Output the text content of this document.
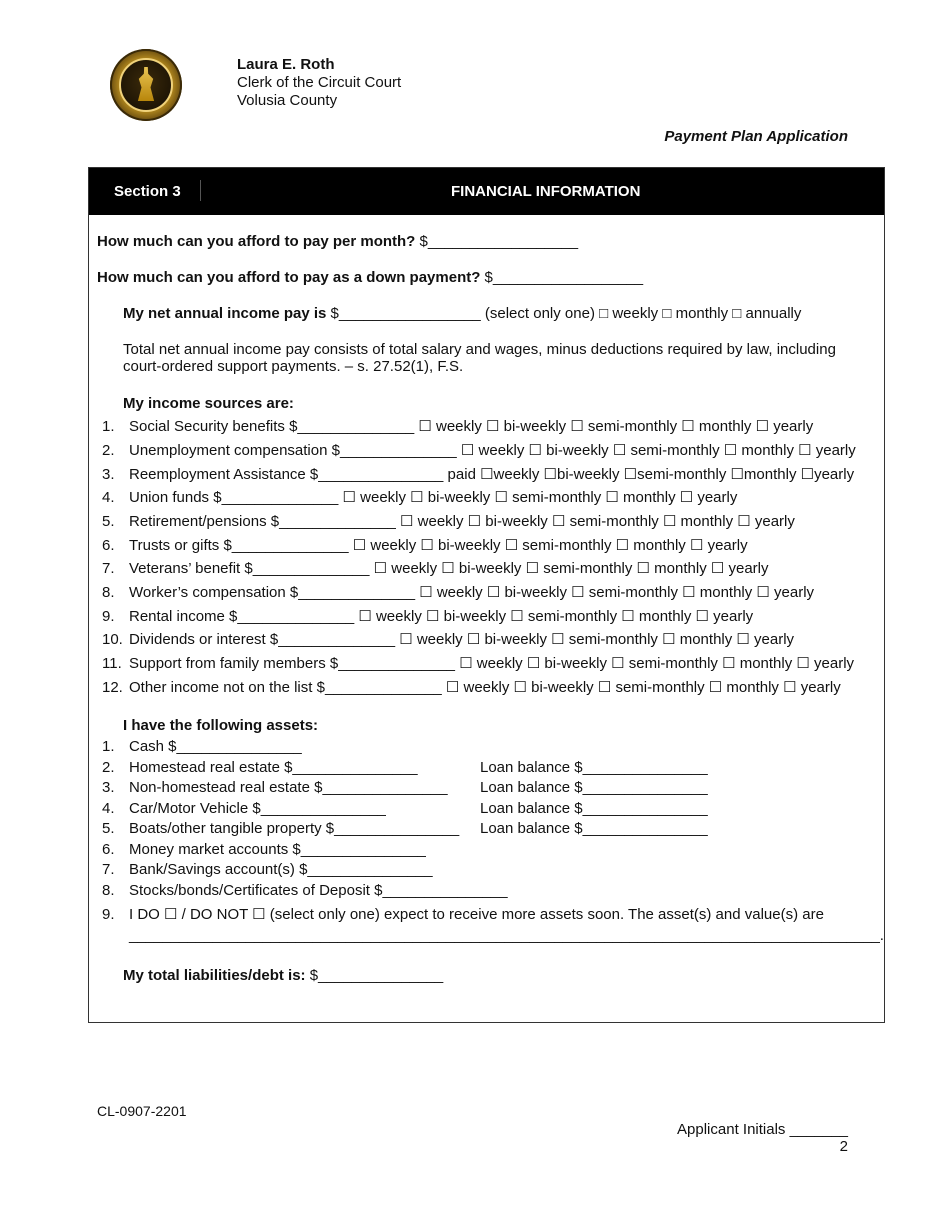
Laura E. Roth
Clerk of the Circuit Court
Volusia County
Payment Plan Application
Section 3	FINANCIAL INFORMATION
How much can you afford to pay per month? $__________________
How much can you afford to pay as a down payment? $__________________
My net annual income pay is $_________________ (select only one) □ weekly □ monthly □ annually
Total net annual income pay consists of total salary and wages, minus deductions required by law, including
court-ordered support payments. – s. 27.52(1), F.S.
My income sources are:
1. Social Security benefits $______________ ☐ weekly ☐ bi-weekly ☐ semi-monthly ☐ monthly ☐ yearly
2. Unemployment compensation $______________ ☐ weekly ☐ bi-weekly ☐ semi-monthly ☐ monthly ☐ yearly
3. Reemployment Assistance $_______________ paid ☐weekly ☐bi-weekly ☐semi-monthly ☐monthly ☐yearly
4. Union funds $______________ ☐ weekly ☐ bi-weekly ☐ semi-monthly ☐ monthly ☐ yearly
5. Retirement/pensions $______________ ☐ weekly ☐ bi-weekly ☐ semi-monthly ☐ monthly ☐ yearly
6. Trusts or gifts $______________ ☐ weekly ☐ bi-weekly ☐ semi-monthly ☐ monthly ☐ yearly
7. Veterans’ benefit $______________ ☐ weekly ☐ bi-weekly ☐ semi-monthly ☐ monthly ☐ yearly
8. Worker’s compensation $______________ ☐ weekly ☐ bi-weekly ☐ semi-monthly ☐ monthly ☐ yearly
9. Rental income $______________ ☐ weekly ☐ bi-weekly ☐ semi-monthly ☐ monthly ☐ yearly
10. Dividends or interest $______________ ☐ weekly ☐ bi-weekly ☐ semi-monthly ☐ monthly ☐ yearly
11. Support from family members $______________ ☐ weekly ☐ bi-weekly ☐ semi-monthly ☐ monthly ☐ yearly
12. Other income not on the list $______________ ☐ weekly ☐ bi-weekly ☐ semi-monthly ☐ monthly ☐ yearly
I have the following assets:
1. Cash $_______________
2. Homestead real estate $_______________	Loan balance $_______________
3. Non-homestead real estate $_______________ Loan balance $_______________
4. Car/Motor Vehicle $_______________	Loan balance $_______________
5. Boats/other tangible property $_______________ Loan balance $_______________
6. Money market accounts $_______________
7. Bank/Savings account(s) $_______________
8. Stocks/bonds/Certificates of Deposit $_______________
9. I DO ☐ / DO NOT ☐ (select only one) expect to receive more assets soon. The asset(s) and value(s) are
__________________________________________________________________________________________.
My total liabilities/debt is: $_______________
CL-0907-2201
Applicant Initials _______
2
